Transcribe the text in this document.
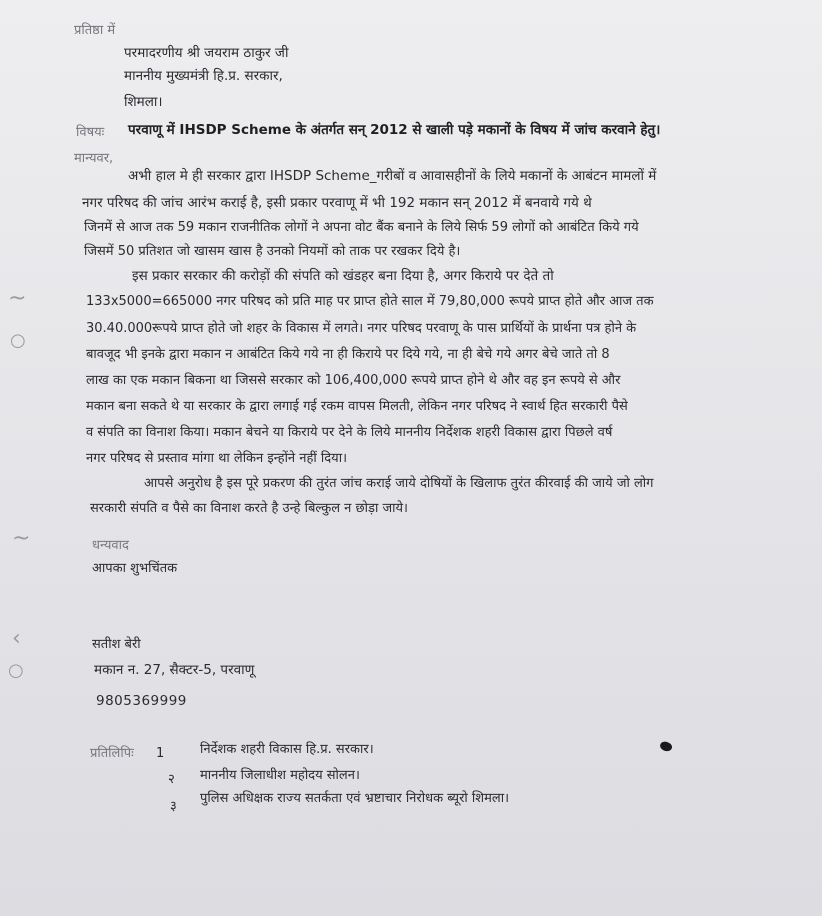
प्रतिष्ठा में
परमादरणीय श्री जयराम ठाकुर जी
माननीय मुख्यमंत्री हि.प्र. सरकार,
शिमला।
विषयः परवाणू में IHSDP Scheme के अंतर्गत सन् 2012 से खाली पड़े मकानों के विषय में जांच करवाने हेतु।
मान्यवर,
अभी हाल मे ही सरकार द्वारा IHSDP Scheme_गरीबों व आवासहीनों के लिये मकानों के आबंटन मामलों में
नगर परिषद की जांच आरंभ कराई है, इसी प्रकार परवाणू में भी 192 मकान सन् 2012 में बनवाये गये थे
जिनमें से आज तक 59 मकान राजनीतिक लोगों ने अपना वोट बैंक बनाने के लिये सिर्फ 59 लोगों को आबंटित किये गये
जिसमें 50 प्रतिशत जो खासम खास है उनको नियमों को ताक पर रखकर दिये है।
इस प्रकार सरकार की करोड़ों की संपति को खंडहर बना दिया है, अगर किराये पर देते तो
133x5000=665000 नगर परिषद को प्रति माह पर प्राप्त होते साल में 79,80,000 रूपये प्राप्त होते और आज तक
30.40.000रूपये प्राप्त होते जो शहर के विकास में लगते। नगर परिषद परवाणू के पास प्रार्थियों के प्रार्थना पत्र होने के
बावजूद भी इनके द्वारा मकान न आबंटित किये गये ना ही किराये पर दिये गये, ना ही बेचे गये अगर बेचे जाते तो 8
लाख का एक मकान बिकना था जिससे सरकार को 106,400,000 रूपये प्राप्त होने थे और वह इन रूपये से और
मकान बना सकते थे या सरकार के द्वारा लगाई गई रकम वापस मिलती, लेकिन नगर परिषद ने स्वार्थ हित सरकारी पैसे
व संपति का विनाश किया। मकान बेचने या किराये पर देने के लिये माननीय निर्देशक शहरी विकास द्वारा पिछले वर्ष
नगर परिषद से प्रस्ताव मांगा था लेकिन इन्होंने नहीं दिया।
आपसे अनुरोध है इस पूरे प्रकरण की तुरंत जांच कराई जाये दोषियों के खिलाफ तुरंत कीरवाई की जाये जो लोग
सरकारी संपति व पैसे का विनाश करते है उन्हे बिल्कुल न छोड़ा जाये।
धन्यवाद
आपका शुभचिंतक
सतीश बेरी
मकान न. 27, सैक्टर-5, परवाणू
9805369999
प्रतिलिपिः 1	निर्देशक शहरी विकास हि.प्र. सरकार।
२ माननीय जिलाधीश महोदय सोलन।
३
पुलिस अधिक्षक राज्य सतर्कता एवं भ्रष्टाचार निरोधक ब्यूरो शिमला।
~
○
~
‹
○
